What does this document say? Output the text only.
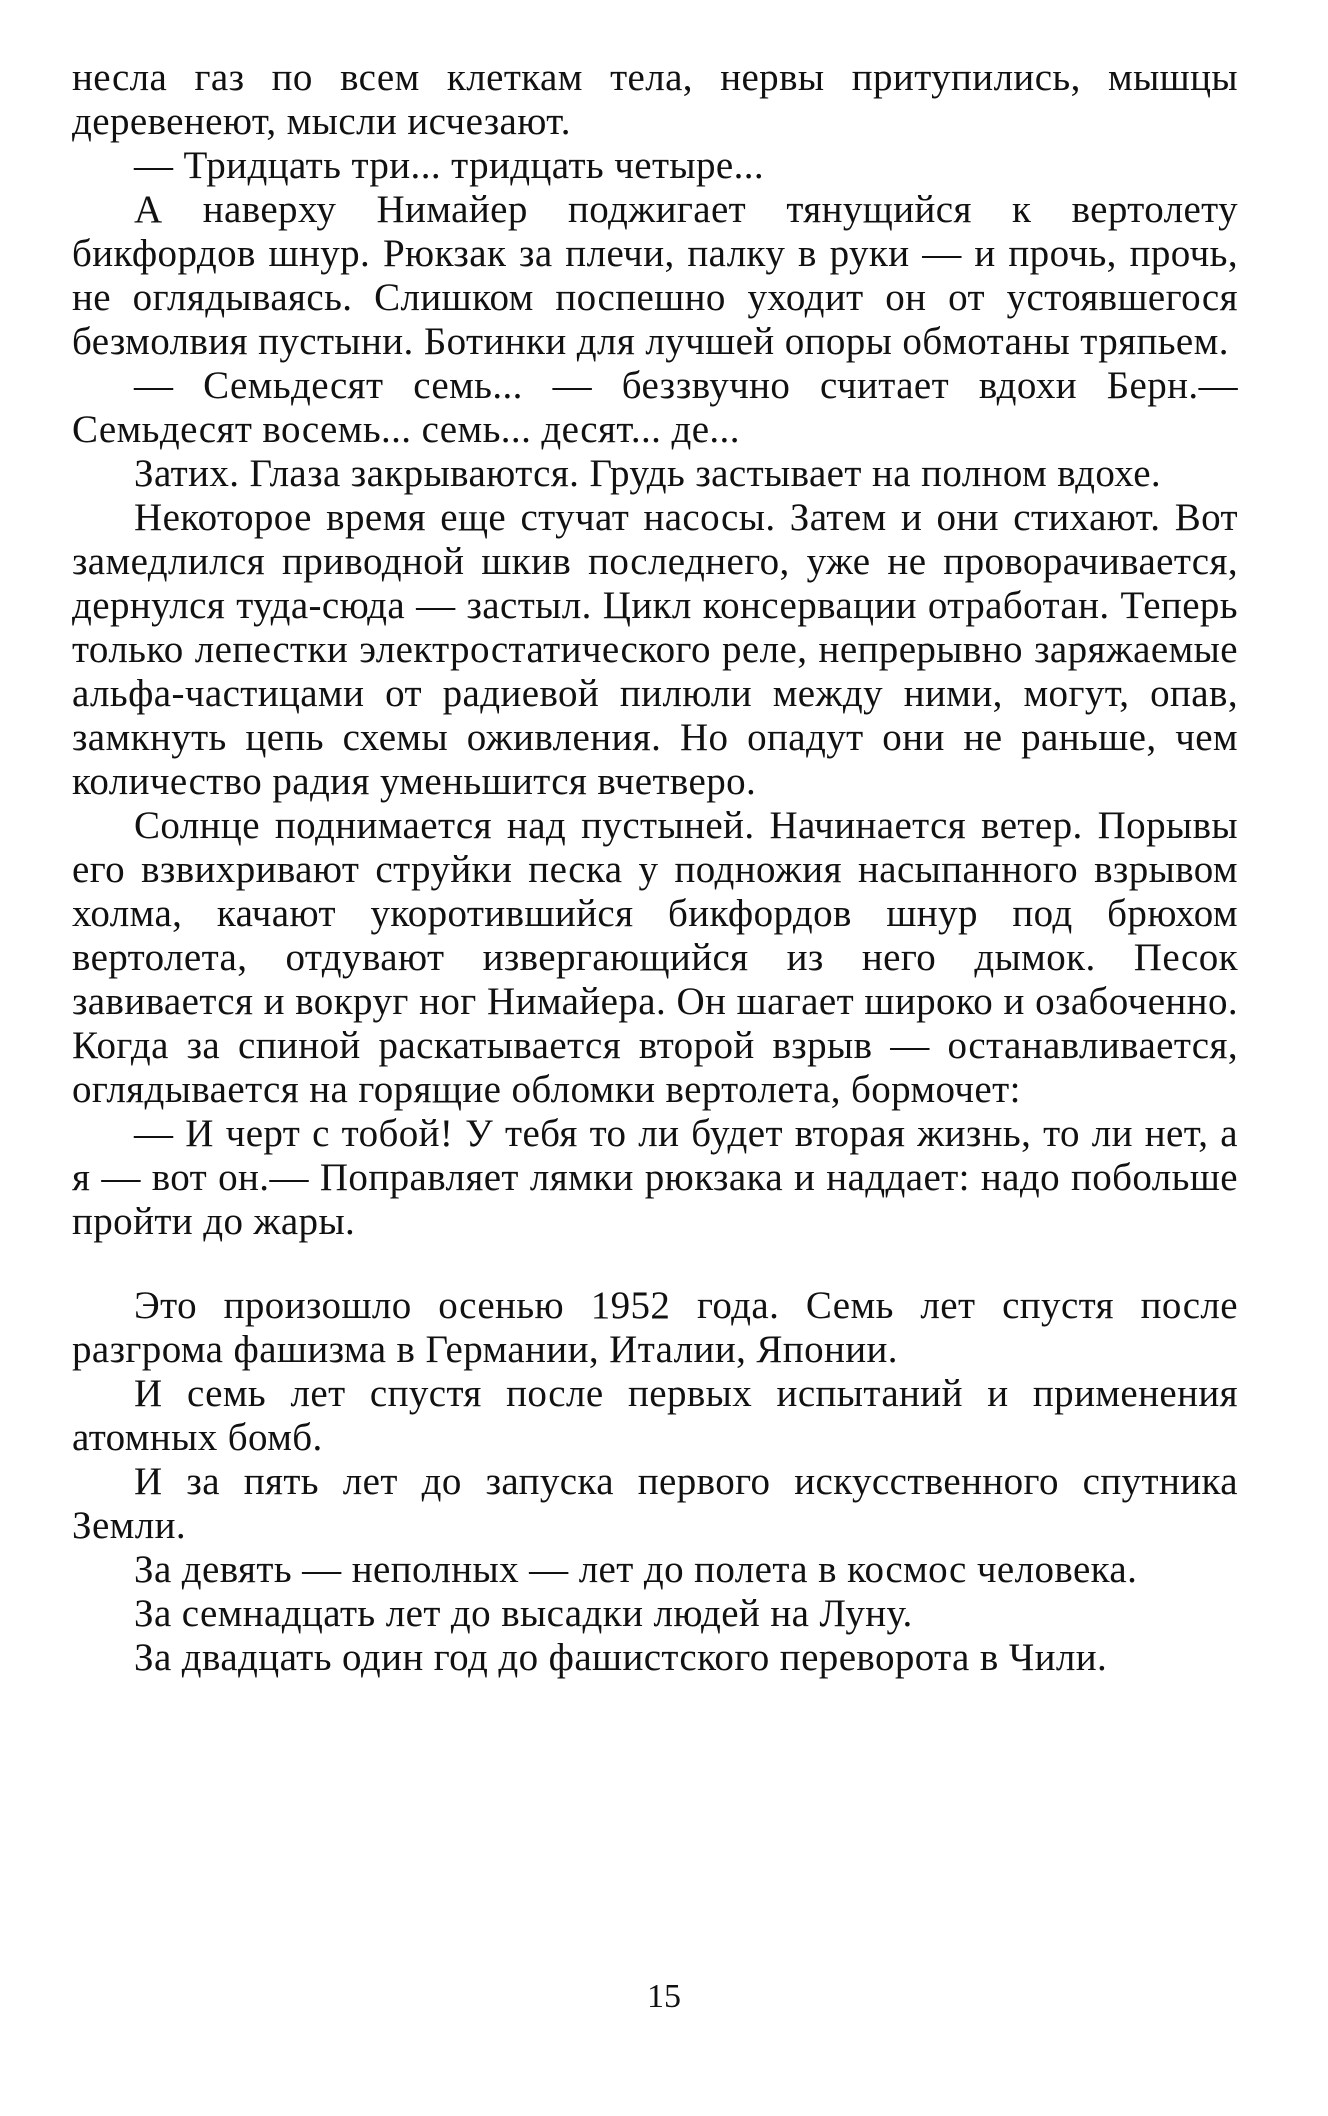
несла газ по всем клеткам тела, нервы притупились, мышцы деревенеют, мысли исчезают.

— Тридцать три... тридцать четыре...

А наверху Нимайер поджигает тянущийся к вертолету бикфордов шнур. Рюкзак за плечи, палку в руки — и прочь, прочь, не оглядываясь. Слишком поспешно уходит он от устоявшегося безмолвия пустыни. Ботинки для лучшей опоры обмотаны тряпьем.

— Семьдесят семь... — беззвучно считает вдохи Берн.— Семьдесят восемь... семь... десят... де...

Затих. Глаза закрываются. Грудь застывает на полном вдохе.

Некоторое время еще стучат насосы. Затем и они стихают. Вот замедлился приводной шкив последнего, уже не проворачивается, дернулся туда-сюда — застыл. Цикл консервации отработан. Теперь только лепестки электростатического реле, непрерывно заряжаемые альфа-частицами от радиевой пилюли между ними, могут, опав, замкнуть цепь схемы оживления. Но опадут они не раньше, чем количество радия уменьшится вчетверо.

Солнце поднимается над пустыней. Начинается ветер. Порывы его взвихривают струйки песка у подножия насыпанного взрывом холма, качают укоротившийся бикфордов шнур под брюхом вертолета, отдувают извергающийся из него дымок. Песок завивается и вокруг ног Нимайера. Он шагает широко и озабоченно. Когда за спиной раскатывается второй взрыв — останавливается, оглядывается на горящие обломки вертолета, бормочет:

— И черт с тобой! У тебя то ли будет вторая жизнь, то ли нет, а я — вот он.— Поправляет лямки рюкзака и наддает: надо побольше пройти до жары.

Это произошло осенью 1952 года. Семь лет спустя после разгрома фашизма в Германии, Италии, Японии.

И семь лет спустя после первых испытаний и применения атомных бомб.

И за пять лет до запуска первого искусственного спутника Земли.

За девять — неполных — лет до полета в космос человека.

За семнадцать лет до высадки людей на Луну.

За двадцать один год до фашистского переворота в Чили.

15
